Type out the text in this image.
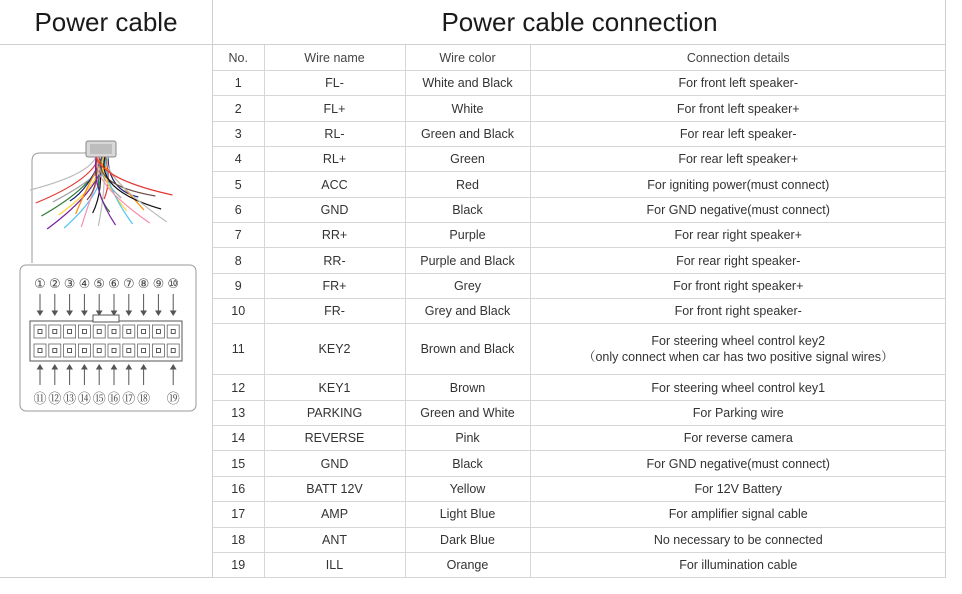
Power cable	Power cable connection
① ② ③ ④ ⑤ ⑥ ⑦ ⑧ ⑨ ⑩
⑪ ⑫ ⑬ ⑭ ⑮ ⑯ ⑰ ⑱ ⑲
No.	Wire name	Wire color	Connection details
1	FL-	White and Black	For front left speaker-

2	FL+	White	For front left speaker+

3	RL-	Green and Black	For rear left speaker-

4	RL+	Green	For rear left speaker+

5	ACC	Red	For igniting power(must connect)

6	GND	Black	For GND negative(must connect)

7	RR+	Purple	For rear right speaker+

8	RR-	Purple and Black	For rear right speaker-

9	FR+	Grey	For front right speaker+

10	FR-	Grey and Black	For front right speaker-

11	KEY2	Brown and Black	For steering wheel control key2
（only connect when car has two positive signal wires）

12	KEY1	Brown	For steering wheel control key1

13	PARKING	Green and White	For Parking wire

14	REVERSE	Pink	For reverse camera

15	GND	Black	For GND negative(must connect)

16	BATT 12V	Yellow	For 12V Battery

17	AMP	Light Blue	For amplifier signal cable

18	ANT	Dark Blue	No necessary to be connected

19	ILL	Orange	For illumination cable
